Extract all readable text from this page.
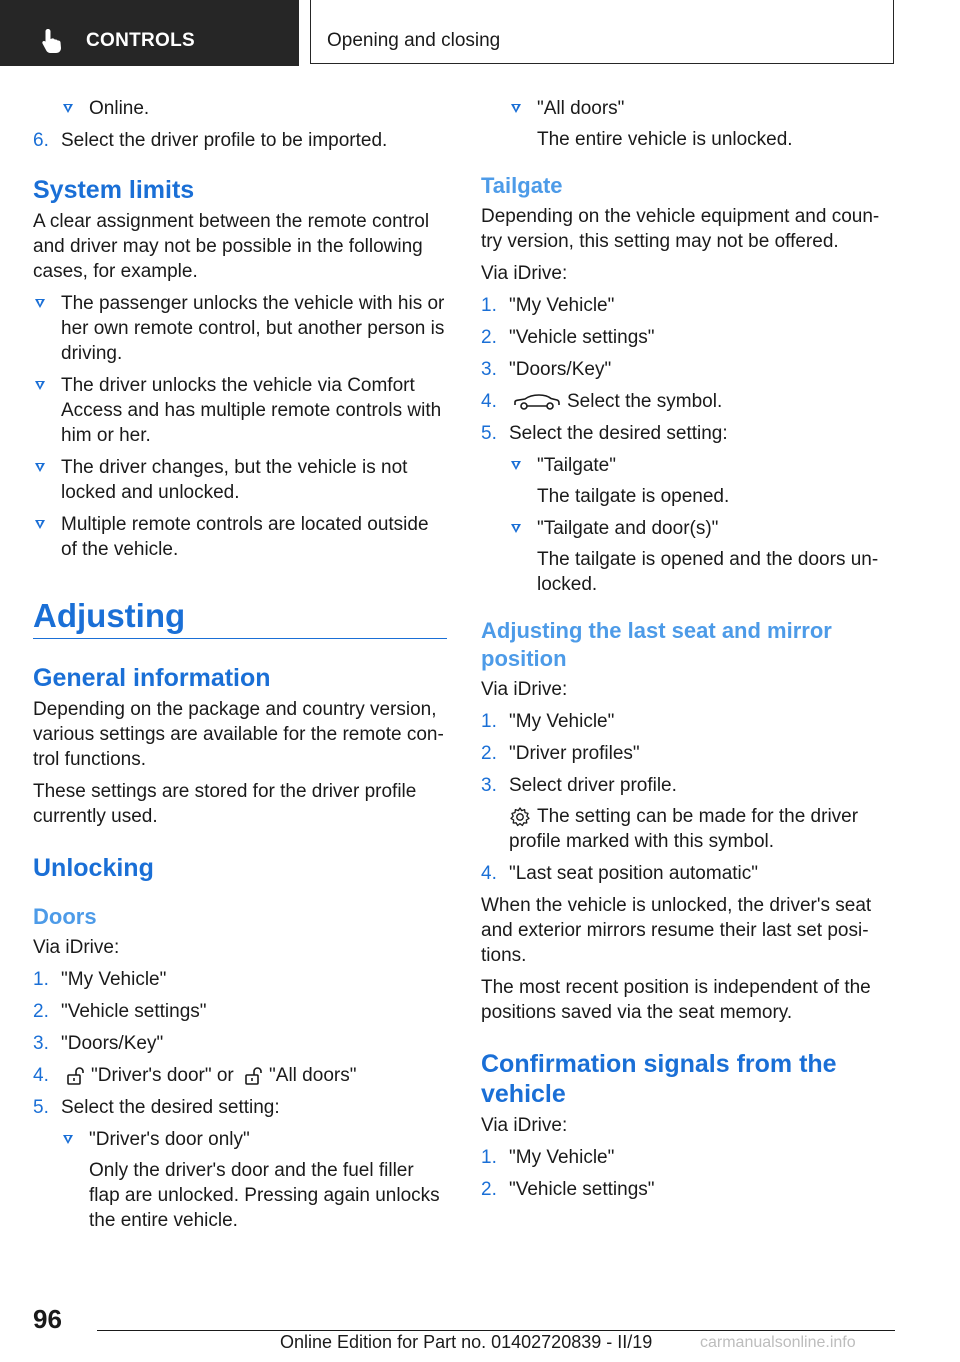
CONTROLS	Opening and closing
Online.
6. Select the driver profile to be imported.
System limits

A clear assignment between the remote control and driver may not be possible in the following cases, for example.

The passenger unlocks the vehicle with his or her own remote control, but another person is driving.
The driver unlocks the vehicle via Comfort Access and has multiple remote controls with him or her.
The driver changes, but the vehicle is not locked and unlocked.
Multiple remote controls are located outside of the vehicle.
Adjusting
General information

Depending on the package and country version, various settings are available for the remote con-trol functions.

These settings are stored for the driver profile currently used.

Unlocking
Doors

Via iDrive:

1. "My Vehicle"
2. "Vehicle settings"
3. "Doors/Key"
4. "Driver's door" or "All doors"
5. Select the desired setting:
"Driver's door only"
Only the driver's door and the fuel filler flap are unlocked. Pressing again unlocks the entire vehicle.
"All doors"
The entire vehicle is unlocked.
Tailgate

Depending on the vehicle equipment and coun-try version, this setting may not be offered.

Via iDrive:

1. "My Vehicle"
2. "Vehicle settings"
3. "Doors/Key"
4.	Select the symbol.
5. Select the desired setting:
"Tailgate"
The tailgate is opened.
"Tailgate and door(s)"
The tailgate is opened and the doors un-locked.
Adjusting the last seat and mirror position

Via iDrive:

1. "My Vehicle"
2. "Driver profiles"
3. Select driver profile.
The setting can be made for the driver profile marked with this symbol.
4. "Last seat position automatic"

When the vehicle is unlocked, the driver's seat and exterior mirrors resume their last set posi-tions.

The most recent position is independent of the positions saved via the seat memory.

Confirmation signals from the vehicle

Via iDrive:

1. "My Vehicle"
2. "Vehicle settings"
96
Online Edition for Part no. 01402720839 - II/19	carmanualsonline.info
